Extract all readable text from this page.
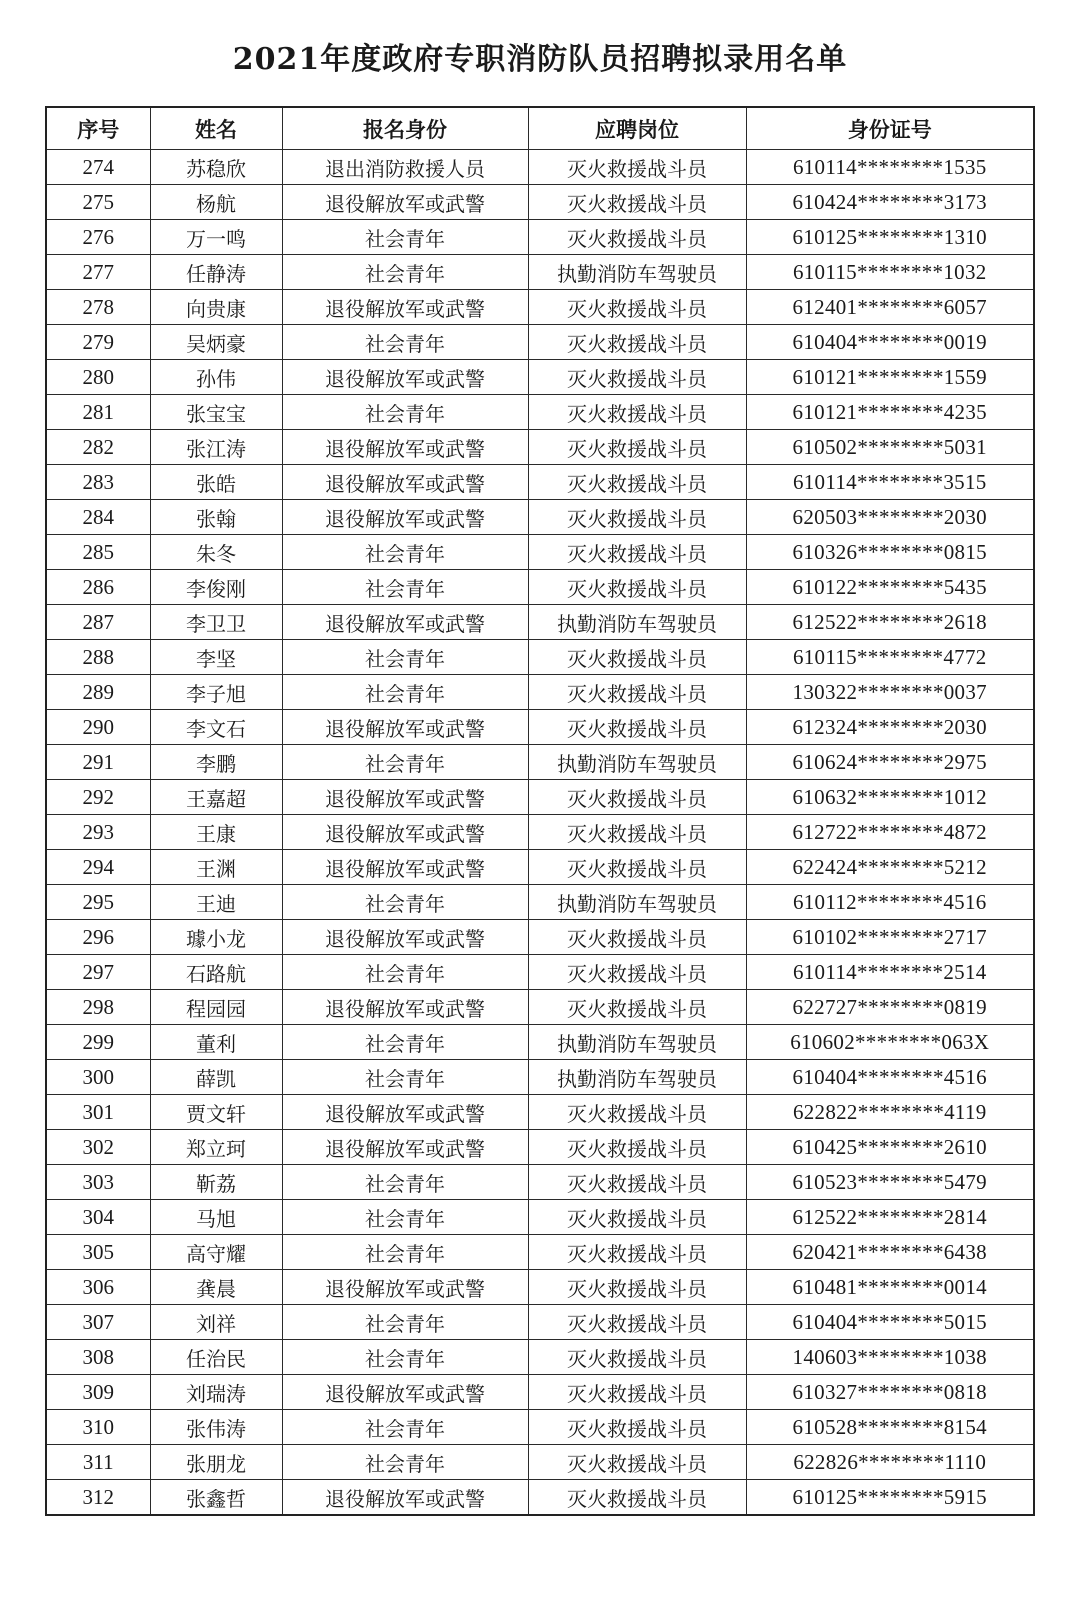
2021年度政府专职消防队员招聘拟录用名单
序号	姓名	报名身份	应聘岗位	身份证号
274	苏稳欣	退出消防救援人员	灭火救援战斗员	610114********1535
275	杨航	退役解放军或武警	灭火救援战斗员	610424********3173
276	万一鸣	社会青年	灭火救援战斗员	610125********1310
277	任静涛	社会青年	执勤消防车驾驶员	610115********1032
278	向贵康	退役解放军或武警	灭火救援战斗员	612401********6057
279	吴炳豪	社会青年	灭火救援战斗员	610404********0019
280	孙伟	退役解放军或武警	灭火救援战斗员	610121********1559
281	张宝宝	社会青年	灭火救援战斗员	610121********4235
282	张江涛	退役解放军或武警	灭火救援战斗员	610502********5031
283	张皓	退役解放军或武警	灭火救援战斗员	610114********3515
284	张翰	退役解放军或武警	灭火救援战斗员	620503********2030
285	朱冬	社会青年	灭火救援战斗员	610326********0815
286	李俊刚	社会青年	灭火救援战斗员	610122********5435
287	李卫卫	退役解放军或武警	执勤消防车驾驶员	612522********2618
288	李坚	社会青年	灭火救援战斗员	610115********4772
289	李子旭	社会青年	灭火救援战斗员	130322********0037
290	李文石	退役解放军或武警	灭火救援战斗员	612324********2030
291	李鹏	社会青年	执勤消防车驾驶员	610624********2975
292	王嘉超	退役解放军或武警	灭火救援战斗员	610632********1012
293	王康	退役解放军或武警	灭火救援战斗员	612722********4872
294	王渊	退役解放军或武警	灭火救援战斗员	622424********5212
295	王迪	社会青年	执勤消防车驾驶员	610112********4516
296	璩小龙	退役解放军或武警	灭火救援战斗员	610102********2717
297	石路航	社会青年	灭火救援战斗员	610114********2514
298	程园园	退役解放军或武警	灭火救援战斗员	622727********0819
299	董利	社会青年	执勤消防车驾驶员	610602********063X
300	薛凯	社会青年	执勤消防车驾驶员	610404********4516
301	贾文轩	退役解放军或武警	灭火救援战斗员	622822********4119
302	郑立珂	退役解放军或武警	灭火救援战斗员	610425********2610
303	靳荔	社会青年	灭火救援战斗员	610523********5479
304	马旭	社会青年	灭火救援战斗员	612522********2814
305	高守耀	社会青年	灭火救援战斗员	620421********6438
306	龚晨	退役解放军或武警	灭火救援战斗员	610481********0014
307	刘祥	社会青年	灭火救援战斗员	610404********5015
308	任治民	社会青年	灭火救援战斗员	140603********1038
309	刘瑞涛	退役解放军或武警	灭火救援战斗员	610327********0818
310	张伟涛	社会青年	灭火救援战斗员	610528********8154
311	张朋龙	社会青年	灭火救援战斗员	622826********1110
312	张鑫哲	退役解放军或武警	灭火救援战斗员	610125********5915
